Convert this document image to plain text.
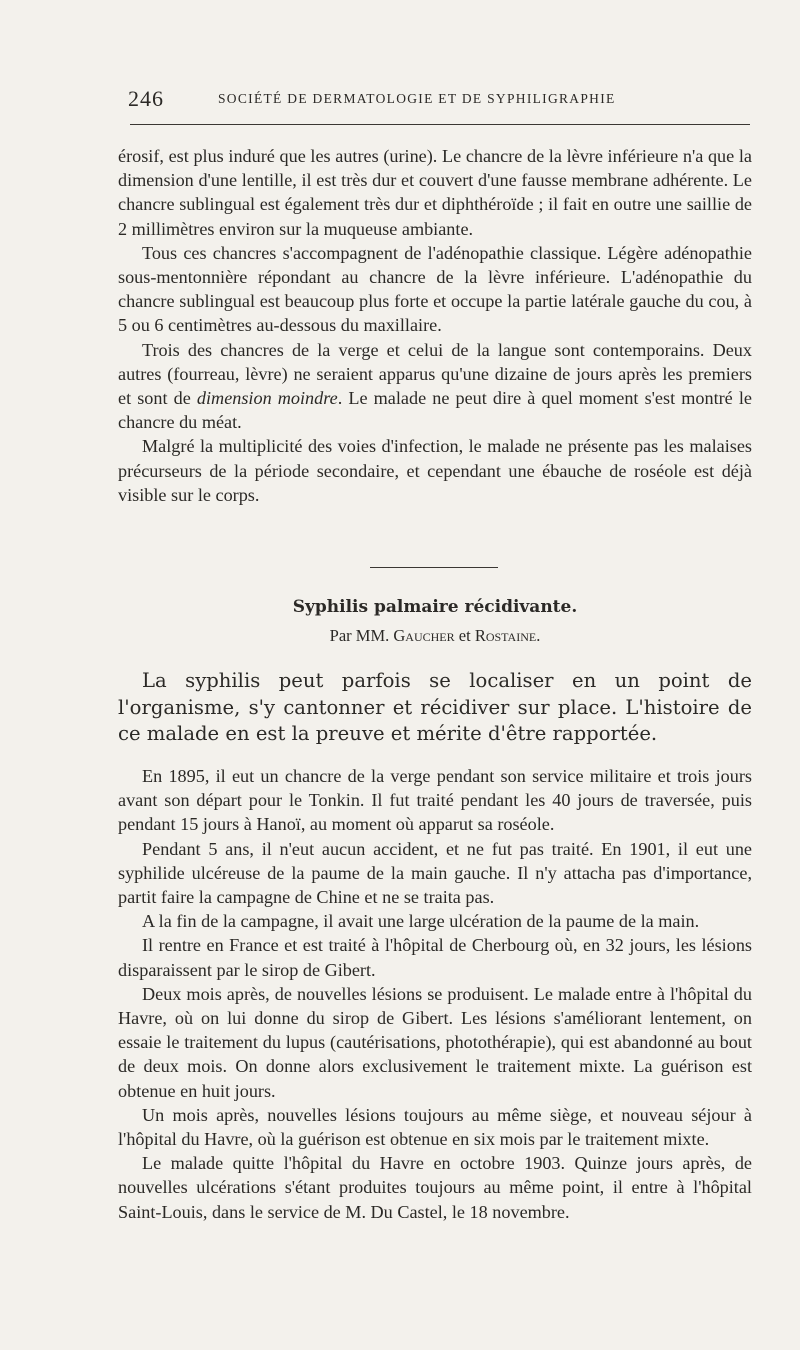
246	SOCIÉTÉ DE DERMATOLOGIE ET DE SYPHILIGRAPHIE

érosif, est plus induré que les autres (urine). Le chancre de la lèvre inférieure n'a que la dimension d'une lentille, il est très dur et couvert d'une fausse membrane adhérente. Le chancre sublingual est également très dur et diphthéroïde ; il fait en outre une saillie de 2 millimètres environ sur la muqueuse ambiante.

Tous ces chancres s'accompagnent de l'adénopathie classique. Légère adénopathie sous-mentonnière répondant au chancre de la lèvre inférieure. L'adénopathie du chancre sublingual est beaucoup plus forte et occupe la partie latérale gauche du cou, à 5 ou 6 centimètres au-dessous du maxillaire.

Trois des chancres de la verge et celui de la langue sont contemporains. Deux autres (fourreau, lèvre) ne seraient apparus qu'une dizaine de jours après les premiers et sont de dimension moindre. Le malade ne peut dire à quel moment s'est montré le chancre du méat.

Malgré la multiplicité des voies d'infection, le malade ne présente pas les malaises précurseurs de la période secondaire, et cependant une ébauche de roséole est déjà visible sur le corps.

Syphilis palmaire récidivante.
Par MM. Gaucher et Rostaine.

La syphilis peut parfois se localiser en un point de l'organisme, s'y cantonner et récidiver sur place. L'histoire de ce malade en est la preuve et mérite d'être rapportée.

En 1895, il eut un chancre de la verge pendant son service militaire et trois jours avant son départ pour le Tonkin. Il fut traité pendant les 40 jours de traversée, puis pendant 15 jours à Hanoï, au moment où apparut sa roséole.

Pendant 5 ans, il n'eut aucun accident, et ne fut pas traité. En 1901, il eut une syphilide ulcéreuse de la paume de la main gauche. Il n'y attacha pas d'importance, partit faire la campagne de Chine et ne se traita pas.

A la fin de la campagne, il avait une large ulcération de la paume de la main.

Il rentre en France et est traité à l'hôpital de Cherbourg où, en 32 jours, les lésions disparaissent par le sirop de Gibert.

Deux mois après, de nouvelles lésions se produisent. Le malade entre à l'hôpital du Havre, où on lui donne du sirop de Gibert. Les lésions s'améliorant lentement, on essaie le traitement du lupus (cautérisations, photothérapie), qui est abandonné au bout de deux mois. On donne alors exclusivement le traitement mixte. La guérison est obtenue en huit jours.

Un mois après, nouvelles lésions toujours au même siège, et nouveau séjour à l'hôpital du Havre, où la guérison est obtenue en six mois par le traitement mixte.

Le malade quitte l'hôpital du Havre en octobre 1903. Quinze jours après, de nouvelles ulcérations s'étant produites toujours au même point, il entre à l'hôpital Saint-Louis, dans le service de M. Du Castel, le 18 novembre.
